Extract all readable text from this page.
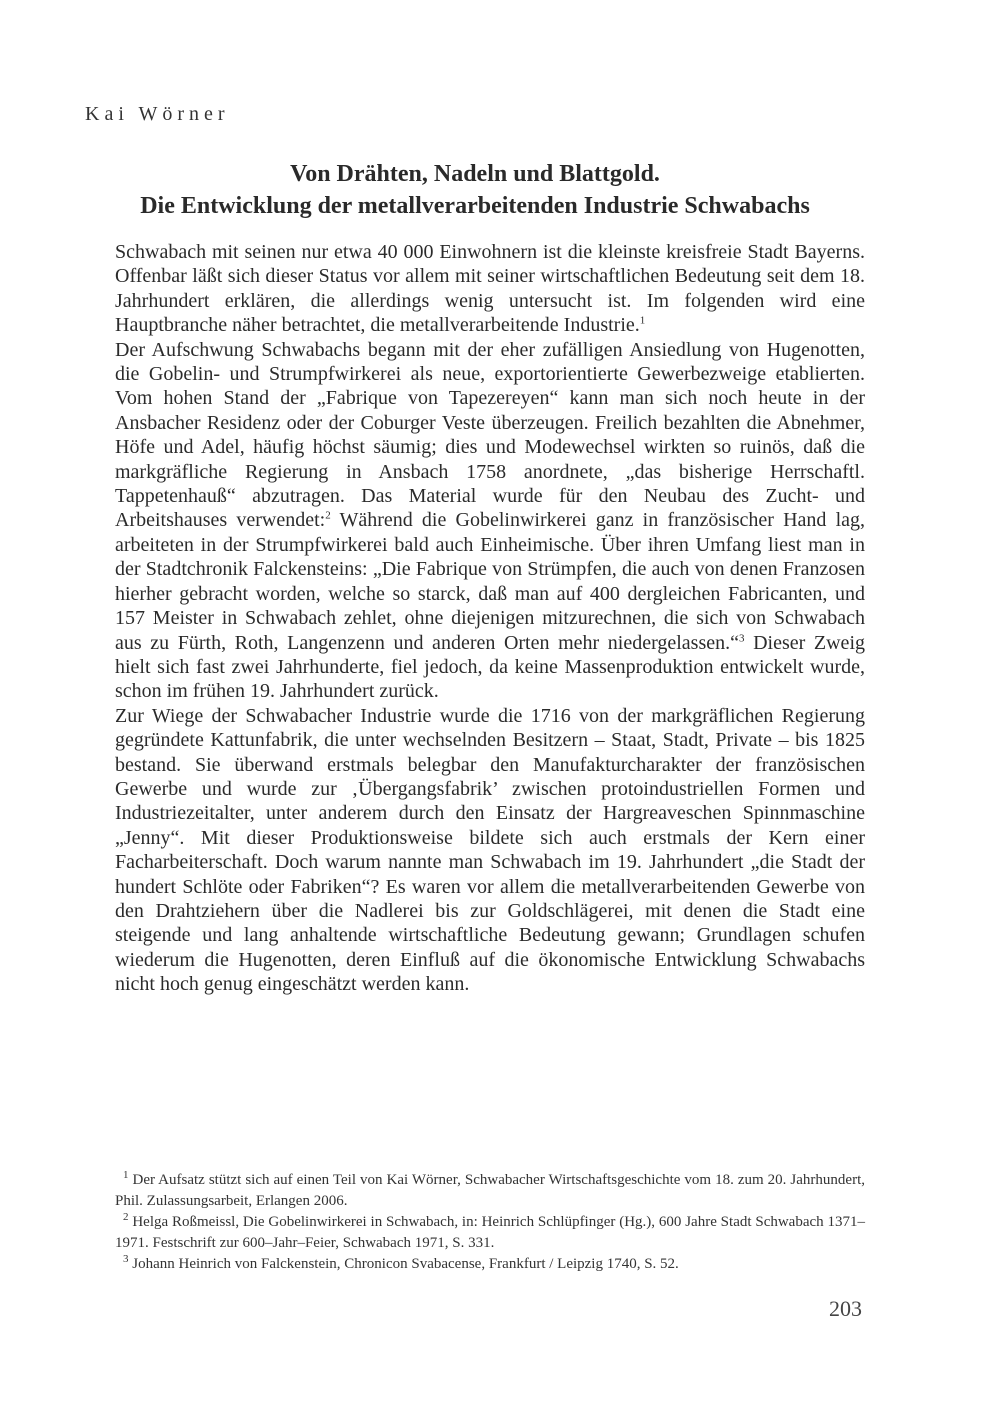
Kai Wörner
Von Drähten, Nadeln und Blattgold.
Die Entwicklung der metallverarbeitenden Industrie Schwabachs

Schwabach mit seinen nur etwa 40 000 Einwohnern ist die kleinste kreisfreie Stadt Bayerns. Offenbar läßt sich dieser Status vor allem mit seiner wirtschaftlichen Bedeutung seit dem 18. Jahrhundert erklären, die allerdings wenig untersucht ist. Im folgenden wird eine Hauptbranche näher betrachtet, die metallverarbeitende Industrie.$^1$

Der Aufschwung Schwabachs begann mit der eher zufälligen Ansiedlung von Hugenotten, die Gobelin- und Strumpfwirkerei als neue, exportorientierte Gewerbezweige etablierten. Vom hohen Stand der „Fabrique von Tapezereyen“ kann man sich noch heute in der Ansbacher Residenz oder der Coburger Veste überzeugen. Freilich bezahlten die Abnehmer, Höfe und Adel, häufig höchst säumig; dies und Modewechsel wirkten so ruinös, daß die markgräfliche Regierung in Ansbach 1758 anordnete, „das bisherige Herrschaftl. Tappetenhauß“ abzutragen. Das Material wurde für den Neubau des Zucht- und Arbeitshauses verwendet:$^2$ Während die Gobelinwirkerei ganz in französischer Hand lag, arbeiteten in der Strumpfwirkerei bald auch Einheimische. Über ihren Umfang liest man in der Stadtchronik Falckensteins: „Die Fabrique von Strümpfen, die auch von denen Franzosen hierher gebracht worden, welche so starck, daß man auf 400 dergleichen Fabricanten, und 157 Meister in Schwabach zehlet, ohne diejenigen mitzurechnen, die sich von Schwabach aus zu Fürth, Roth, Langenzenn und anderen Orten mehr niedergelassen.“$^3$ Dieser Zweig hielt sich fast zwei Jahrhunderte, fiel jedoch, da keine Massenproduktion entwickelt wurde, schon im frühen 19. Jahrhundert zurück.

Zur Wiege der Schwabacher Industrie wurde die 1716 von der markgräflichen Regierung gegründete Kattunfabrik, die unter wechselnden Besitzern – Staat, Stadt, Private – bis 1825 bestand. Sie überwand erstmals belegbar den Manufakturcharakter der französischen Gewerbe und wurde zur ‚Übergangsfabrik’ zwischen protoindustriellen Formen und Industriezeitalter, unter anderem durch den Einsatz der Hargreaveschen Spinnmaschine „Jenny“. Mit dieser Produktionsweise bildete sich auch erstmals der Kern einer Facharbeiterschaft. Doch warum nannte man Schwabach im 19. Jahrhundert „die Stadt der hundert Schlöte oder Fabriken“? Es waren vor allem die metallverarbeitenden Gewerbe von den Drahtziehern über die Nadlerei bis zur Goldschlägerei, mit denen die Stadt eine steigende und lang anhaltende wirtschaftliche Bedeutung gewann; Grundlagen schufen wiederum die Hugenotten, deren Einfluß auf die ökonomische Entwicklung Schwabachs nicht hoch genug eingeschätzt werden kann.

$^1$ Der Aufsatz stützt sich auf einen Teil von Kai Wörner, Schwabacher Wirtschaftsgeschichte vom 18. zum 20. Jahrhundert, Phil. Zulassungsarbeit, Erlangen 2006.

$^2$ Helga Roßmeissl, Die Gobelinwirkerei in Schwabach, in: Heinrich Schlüpfinger (Hg.), 600 Jahre Stadt Schwabach 1371–1971. Festschrift zur 600–Jahr–Feier, Schwabach 1971, S. 331.

$^3$ Johann Heinrich von Falckenstein, Chronicon Svabacense, Frankfurt / Leipzig 1740, S. 52.

203
